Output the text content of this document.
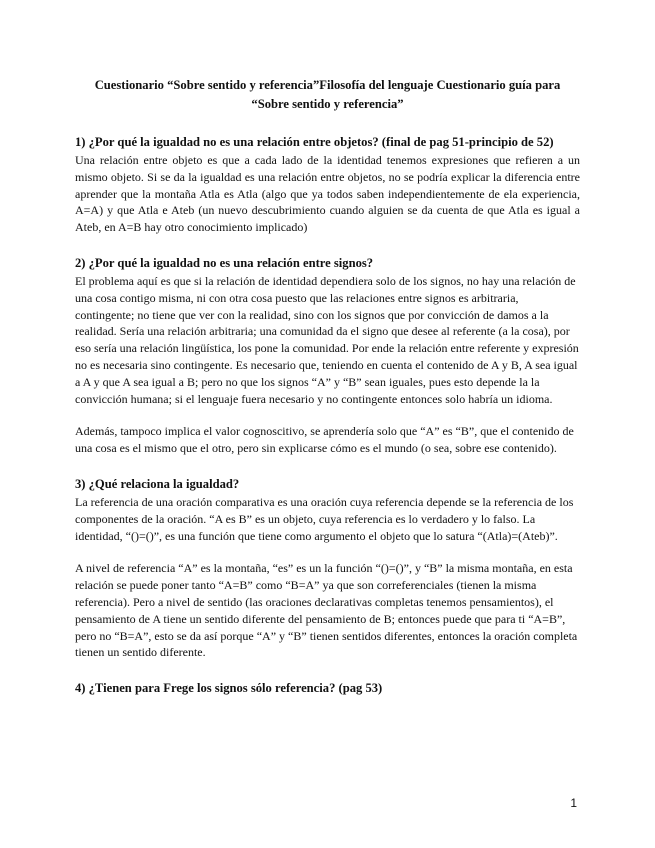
Cuestionario “Sobre sentido y referencia”Filosofía del lenguaje Cuestionario guía para “Sobre sentido y referencia”

1) ¿Por qué la igualdad no es una relación entre objetos? (final de pag 51-principio de 52)

Una relación entre objeto es que a cada lado de la identidad tenemos expresiones que refieren a un mismo objeto. Si se da la igualdad es una relación entre objetos, no se podría explicar la diferencia entre aprender que la montaña Atla es Atla (algo que ya todos saben independientemente de ela experiencia, A=A) y que Atla e Ateb (un nuevo descubrimiento cuando alguien se da cuenta de que Atla es igual a Ateb, en A=B hay otro conocimiento implicado)

2) ¿Por qué la igualdad no es una relación entre signos?

El problema aquí es que si la relación de identidad dependiera solo de los signos, no hay una relación de una cosa contigo misma, ni con otra cosa puesto que las relaciones entre signos es arbitraria, contingente; no tiene que ver con la realidad, sino con los signos que por convicción de damos a la realidad. Sería una relación arbitraria; una comunidad da el signo que desee al referente (a la cosa), por eso sería una relación lingüística, los pone la comunidad. Por ende la relación entre referente y expresión no es necesaria sino contingente. Es necesario que, teniendo en cuenta el contenido de A y B, A sea igual a A y que A sea igual a B; pero no que los signos “A” y “B” sean iguales, pues esto depende la la convicción humana; si el lenguaje fuera necesario y no contingente entonces solo habría un idioma.

Además, tampoco implica el valor cognoscitivo, se aprendería solo que “A” es “B”, que el contenido de una cosa es el mismo que el otro, pero sin explicarse cómo es el mundo (o sea, sobre ese contenido).

3) ¿Qué relaciona la igualdad?

La referencia de una oración comparativa es una oración cuya referencia depende se la referencia de los componentes de la oración. “A es B” es un objeto, cuya referencia es lo verdadero y lo falso. La identidad, “()=()”, es una función que tiene como argumento el objeto que lo satura “(Atla)=(Ateb)”.

A nivel de referencia “A” es la montaña, “es” es un la función “()=()”, y “B” la misma montaña, en esta relación se puede poner tanto “A=B” como “B=A” ya que son correferenciales (tienen la misma referencia). Pero a nivel de sentido (las oraciones declarativas completas tenemos pensamientos), el pensamiento de A tiene un sentido diferente del pensamiento de B; entonces puede que para ti “A=B”, pero no “B=A”, esto se da así porque “A” y “B” tienen sentidos diferentes, entonces la oración completa tienen un sentido diferente.

4) ¿Tienen para Frege los signos sólo referencia? (pag 53)

1
